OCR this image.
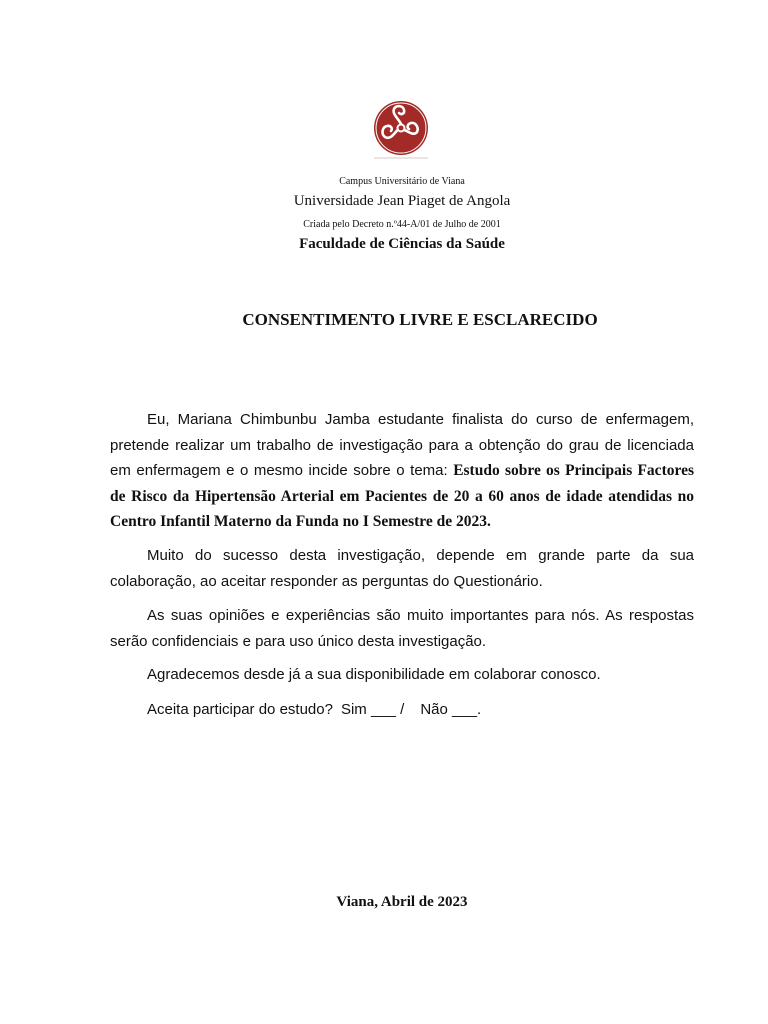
Campus Universitário de Viana
Universidade Jean Piaget de Angola
Criada pelo Decreto n.º44-A/01 de Julho de 2001
Faculdade de Ciências da Saúde
CONSENTIMENTO LIVRE E ESCLARECIDO

Eu, Mariana Chimbunbu Jamba estudante finalista do curso de enfermagem, pretende realizar um trabalho de investigação para a obtenção do grau de licenciada em enfermagem e o mesmo incide sobre o tema: Estudo sobre os Principais Factores de Risco da Hipertensão Arterial em Pacientes de 20 a 60 anos de idade atendidas no Centro Infantil Materno da Funda no I Semestre de 2023.

Muito do sucesso desta investigação, depende em grande parte da sua colaboração, ao aceitar responder as perguntas do Questionário.

As suas opiniões e experiências são muito importantes para nós. As respostas serão confidenciais e para uso único desta investigação.

Agradecemos desde já a sua disponibilidade em colaborar conosco.

Aceita participar do estudo? Sim ___ / Não ___.

Viana, Abril de 2023
